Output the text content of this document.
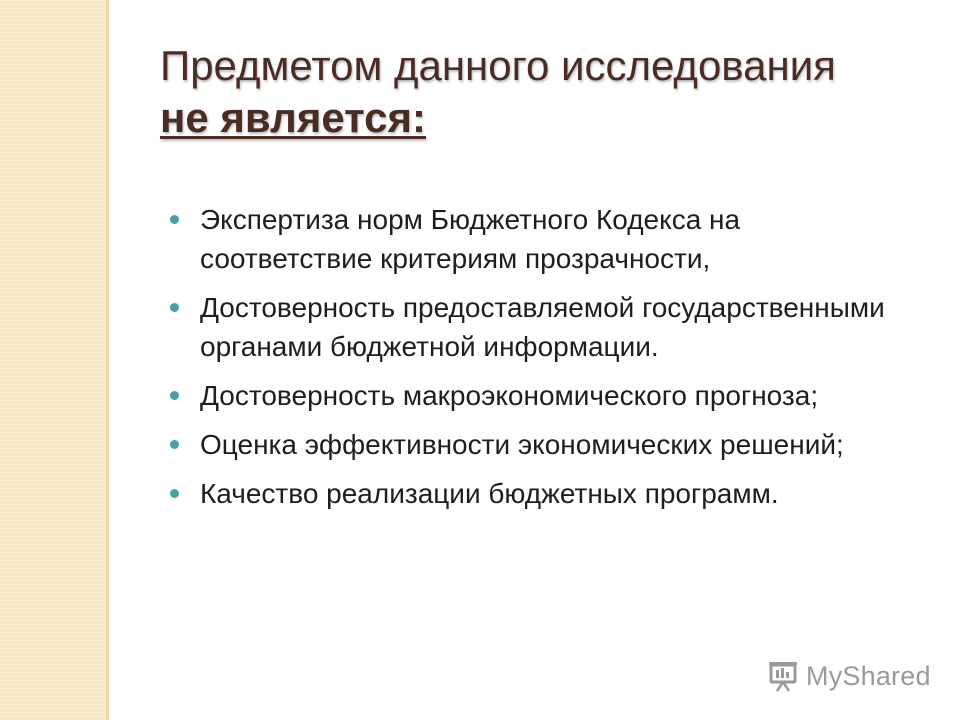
Предметом данного исследования
не является:
Экспертиза норм Бюджетного Кодекса на соответствие критериям прозрачности,
Достоверность предоставляемой государственными органами бюджетной информации.
Достоверность макроэкономического прогноза;
Оценка эффективности экономических решений;
Качество реализации бюджетных программ.
MyShared
